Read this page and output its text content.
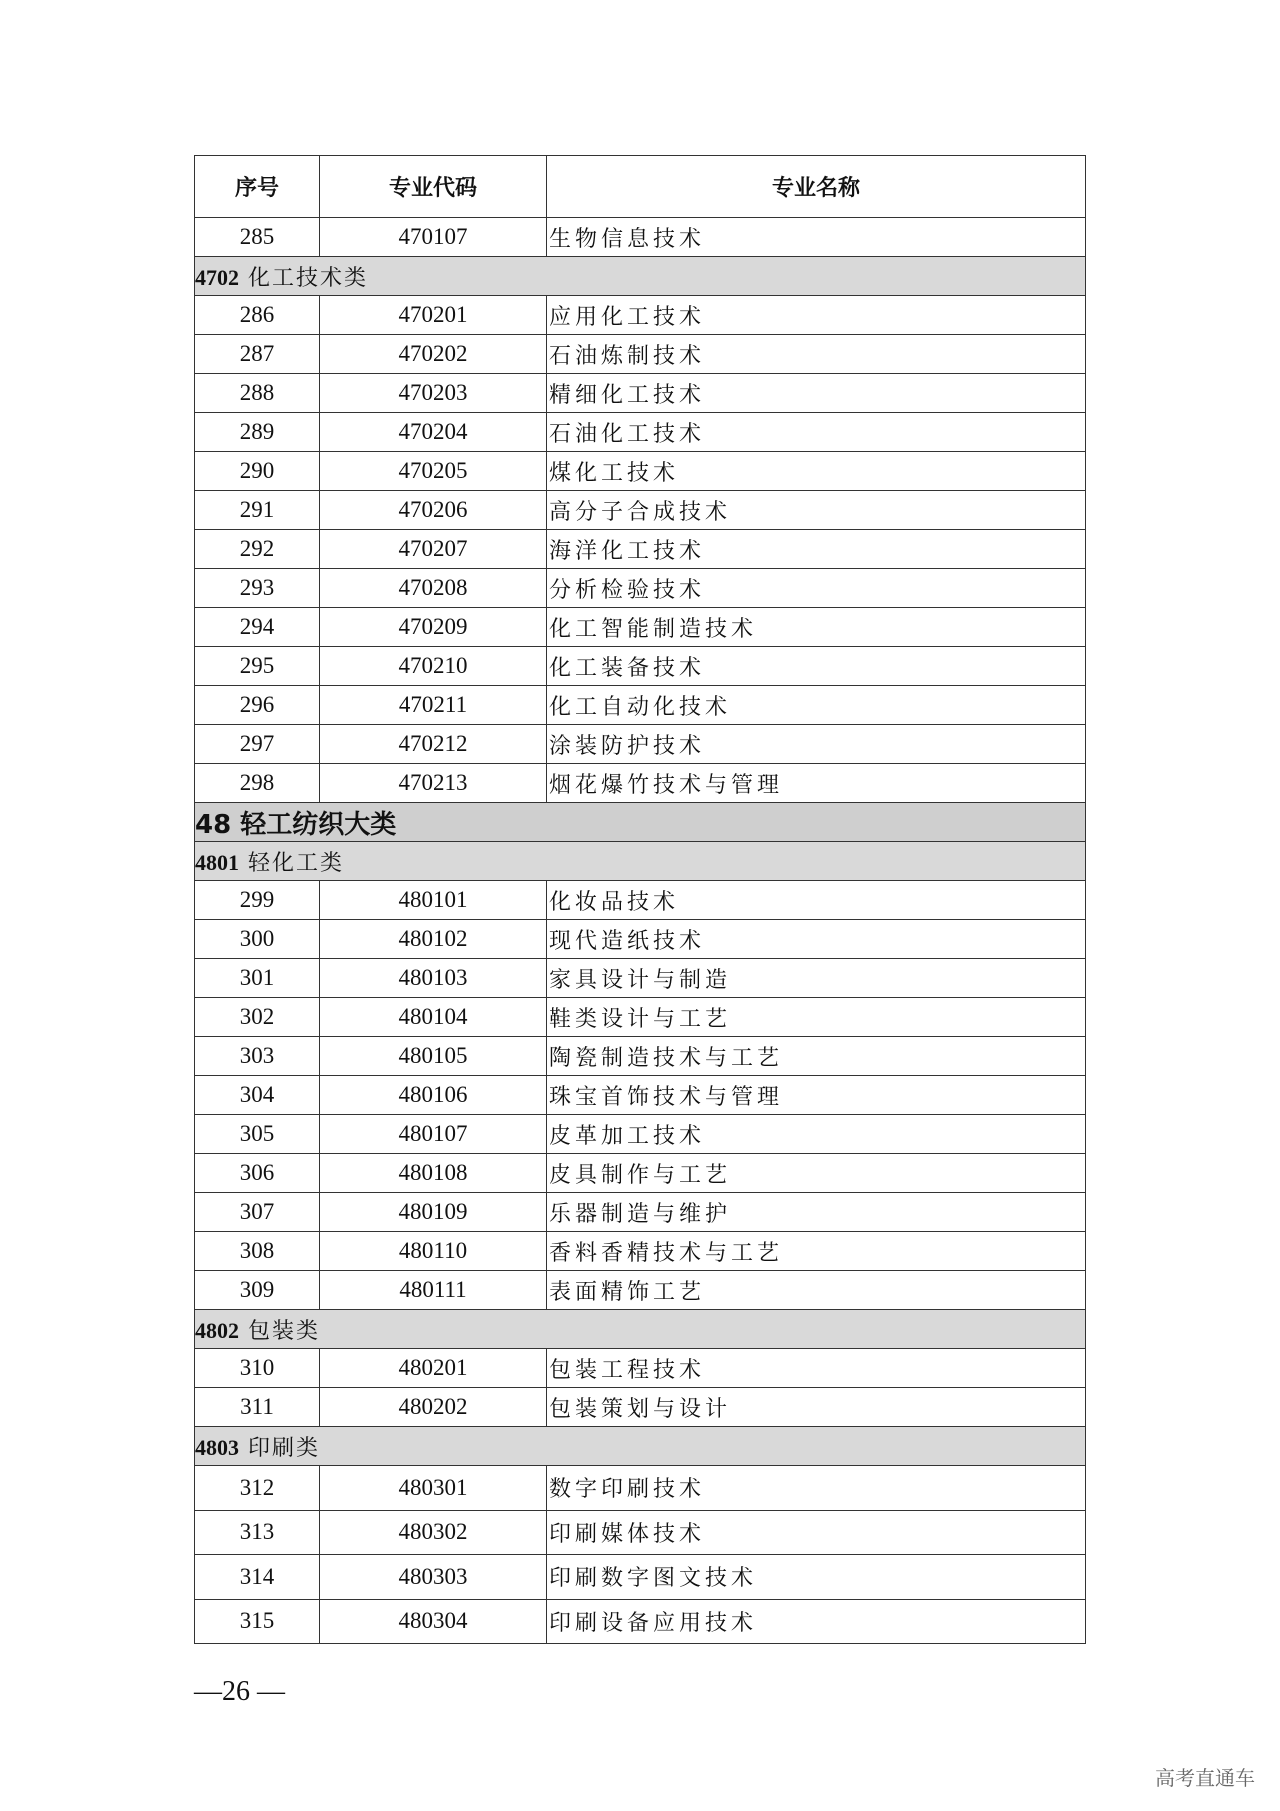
序号	专业代码	专业名称
285	470107	生物信息技术
4702 化工技术类		
286	470201	应用化工技术
287	470202	石油炼制技术
288	470203	精细化工技术
289	470204	石油化工技术
290	470205	煤化工技术
291	470206	高分子合成技术
292	470207	海洋化工技术
293	470208	分析检验技术
294	470209	化工智能制造技术
295	470210	化工装备技术
296	470211	化工自动化技术
297	470212	涂装防护技术
298	470213	烟花爆竹技术与管理
48 轻工纺织大类		
4801 轻化工类		
299	480101	化妆品技术
300	480102	现代造纸技术
301	480103	家具设计与制造
302	480104	鞋类设计与工艺
303	480105	陶瓷制造技术与工艺
304	480106	珠宝首饰技术与管理
305	480107	皮革加工技术
306	480108	皮具制作与工艺
307	480109	乐器制造与维护
308	480110	香料香精技术与工艺
309	480111	表面精饰工艺
4802 包装类		
310	480201	包装工程技术
311	480202	包装策划与设计
4803 印刷类		
312	480301	数字印刷技术
313	480302	印刷媒体技术
314	480303	印刷数字图文技术
315	480304	印刷设备应用技术
—26 —
高考直通车
